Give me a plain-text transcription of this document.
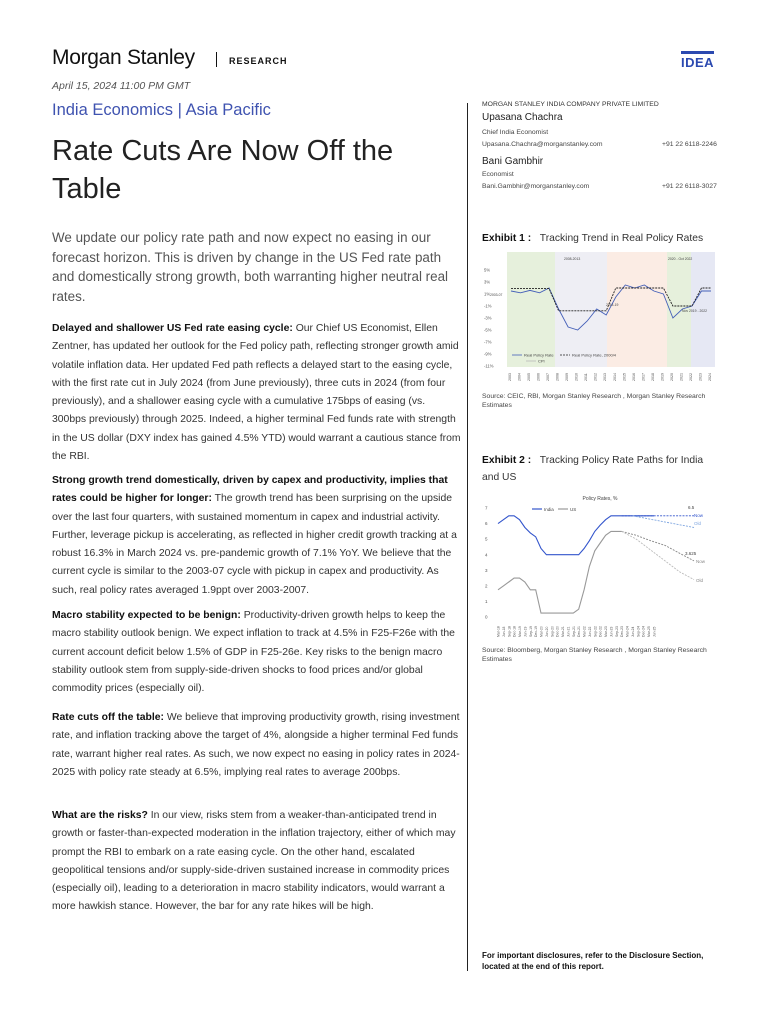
Morgan Stanley	RESEARCH	IDEA
April 15, 2024 11:00 PM GMT
India Economics | Asia Pacific
Rate Cuts Are Now Off the Table

We update our policy rate path and now expect no easing in our forecast horizon. This is driven by change in the US Fed rate path and domestically strong growth, both warranting higher neutral real rates.

Delayed and shallower US Fed rate easing cycle: Our Chief US Economist, Ellen Zentner, has updated her outlook for the Fed policy path, reflecting stronger growth amid volatile inflation data. Her updated Fed path reflects a delayed start to the easing cycle, with the first rate cut in July 2024 (from June previously), three cuts in 2024 (from four previously), and a shallower easing cycle with a cumulative 175bps of easing (vs. 300bps previously) through 2025. Indeed, a higher terminal Fed funds rate with strength in the US dollar (DXY index has gained 4.5% YTD) would warrant a cautious stance from the RBI.

Strong growth trend domestically, driven by capex and productivity, implies that rates could be higher for longer: The growth trend has been surprising on the upside over the last four quarters, with sustained momentum in capex and industrial activity. Further, leverage pickup is accelerating, as reflected in higher credit growth tracking at a robust 16.3% in March 2024 vs. pre-pandemic growth of 7.1% YoY. We believe that the current cycle is similar to the 2003-07 cycle with pickup in capex and productivity. As such, real policy rates averaged 1.9ppt over 2003-2007.

Macro stability expected to be benign: Productivity-driven growth helps to keep the macro stability outlook benign. We expect inflation to track at 4.5% in F25-F26e with the current account deficit below 1.5% of GDP in F25-26e. Key risks to the benign macro stability outlook stem from supply-side-driven shocks to food prices and/or global commodity prices (especially oil).

Rate cuts off the table: We believe that improving productivity growth, rising investment rate, and inflation tracking above the target of 4%, alongside a higher terminal Fed funds rate, warrant higher real rates. As such, we now expect no easing in policy rates in 2024-2025 with policy rate steady at 6.5%, implying real rates to average 200bps.

What are the risks? In our view, risks stem from a weaker-than-anticipated trend in growth or faster-than-expected moderation in the inflation trajectory, either of which may prompt the RBI to embark on a rate easing cycle. On the other hand, escalated geopolitical tensions and/or supply-side-driven sustained increase in commodity prices (especially oil), leading to a deterioration in macro stability indicators, would warrant a more hawkish stance. However, the bar for any rate hikes will be high.

MORGAN STANLEY INDIA COMPANY PRIVATE LIMITED
Upasana Chachra
Chief India Economist
Upasana.Chachra@morganstanley.com	+91 22 6118-2246
Bani Gambhir
Economist
Bani.Gambhir@morganstanley.com	+91 22 6118-3027
Exhibit 1 : Tracking Trend in Real Policy Rates
5%
3%
1%
-1%
-3%
-5%
-7%
-9%
-11%
2003 2004 2005 2006 2007 2008 2009 2010 2011 2012 2013 2014 2015 2016 2017 2018 2019 2020 2021 2022 2023 2024
2003-07
2008-2013
2014-19
Nov 2019 - 2022
2020 - Oct 2022
Real Policy Rate	Real Policy Rate, 2000/4
CPI
Source: CEIC, RBI, Morgan Stanley Research , Morgan Stanley Research Estimates
Exhibit 2 : Tracking Policy Rate Paths for India and US
Policy Rates, %
India	US
0
1
2
3
4
5
6
7
Mar-18 Jun-18 Sep-18 Dec-18 Mar-19 Jun-19 Sep-19 Dec-19 Mar-20 Jun-20 Sep-20 Dec-20 Mar-21 Jun-21 Sep-21 Dec-21 Mar-22 Jun-22 Sep-22 Dec-22 Mar-23 Jun-23 Sep-23 Dec-23 Mar-24 Jun-24 Sep-24 Dec-24 Mar-25 Jun-25
6.5
Now
Old
3.625
Now
Old
Source: Bloomberg, Morgan Stanley Research , Morgan Stanley Research Estimates
For important disclosures, refer to the Disclosure Section, located at the end of this report.
